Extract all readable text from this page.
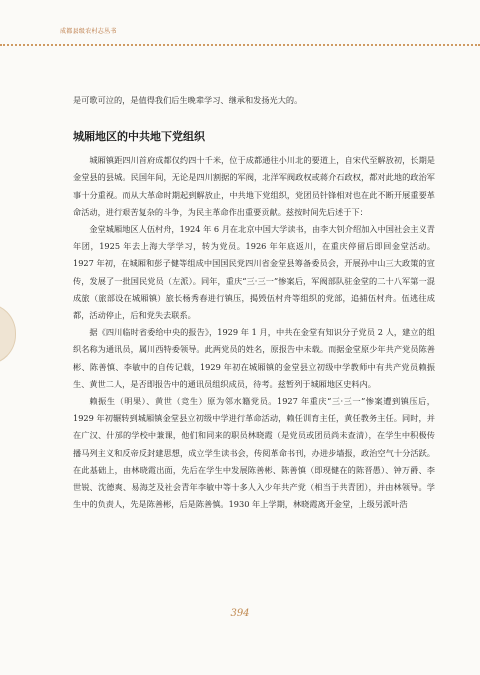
成都县级农村志丛书

是可歌可泣的，是值得我们后生晚辈学习、继承和发扬光大的。

城厢地区的中共地下党组织

城厢镇距四川首府成都仅约四十千米，位于成都通往小川北的要道上，自宋代至解放初，长期是金堂县的县城。民国年间，无论是四川割据的军阀，北洋军阀政权或蒋介石政权，都对此地的政治军事十分重视。而从大革命时期起到解放止，中共地下党组织，党团员针锋相对也在此不断开展重要革命活动，进行艰苦复杂的斗争，为民主革命作出重要贡献。兹按时间先后述于下：

金堂城厢地区人伍村舟，1924 年 6 月在北京中国大学读书，由李大钊介绍加入中国社会主义青年团，1925 年去上海大学学习，转为党员。1926 年年底返川，在重庆停留后即回金堂活动。1927 年初，在城厢和彭子健等组成中国国民党四川省金堂县筹备委员会，开展孙中山三大政策的宣传，发展了一批国民党员（左派）。同年，重庆“三·三一”惨案后，军阀部队驻金堂的二十八军第一混成旅（旅部设在城厢镇）旅长杨秀春进行镇压，揭毁伍村舟等组织的党部，追捕伍村舟。伍逃往成都，活动停止，后和党失去联系。

据《四川临时省委给中央的报告》，1929 年 1 月，中共在金堂有知识分子党员 2 人，建立的组织名称为通讯员，属川西特委领导。此两党员的姓名，原报告中未载。而据金堂原少年共产党员陈善彬、陈善慎、李敏中的自传记载，1929 年初在城厢镇的金堂县立初级中学教师中有共产党员赖振生、黄世二人，是否即报告中的通讯员组织成员，待考。兹暂列于城厢地区史料内。

赖振生（明果）、黄世（竞生）原为邻水籍党员。1927 年重庆“三·三一”惨案遭到镇压后，1929 年初辗转到城厢镇金堂县立初级中学进行革命活动，赖任训育主任，黄任教务主任。同时，并在广汉、什邡的学校中兼课，他们和同来的职员林晓霞（是党员或团员尚未查清），在学生中积极传播马列主义和反帝反封建思想，成立学生读书会，传阅革命书刊，办进步墙报，政治空气十分活跃。在此基础上，由林晓霞出面，先后在学生中发展陈善彬、陈善慎（即现健在的陈晋愚）、钟万爵、李世锐、沈德爽、易海芝及社会青年李敏中等十多人入少年共产党（相当于共青团），并由林领导。学生中的负责人，先是陈善彬，后是陈善慎。1930 年上学期，林晓霞离开金堂，上级另派叶浩

394
